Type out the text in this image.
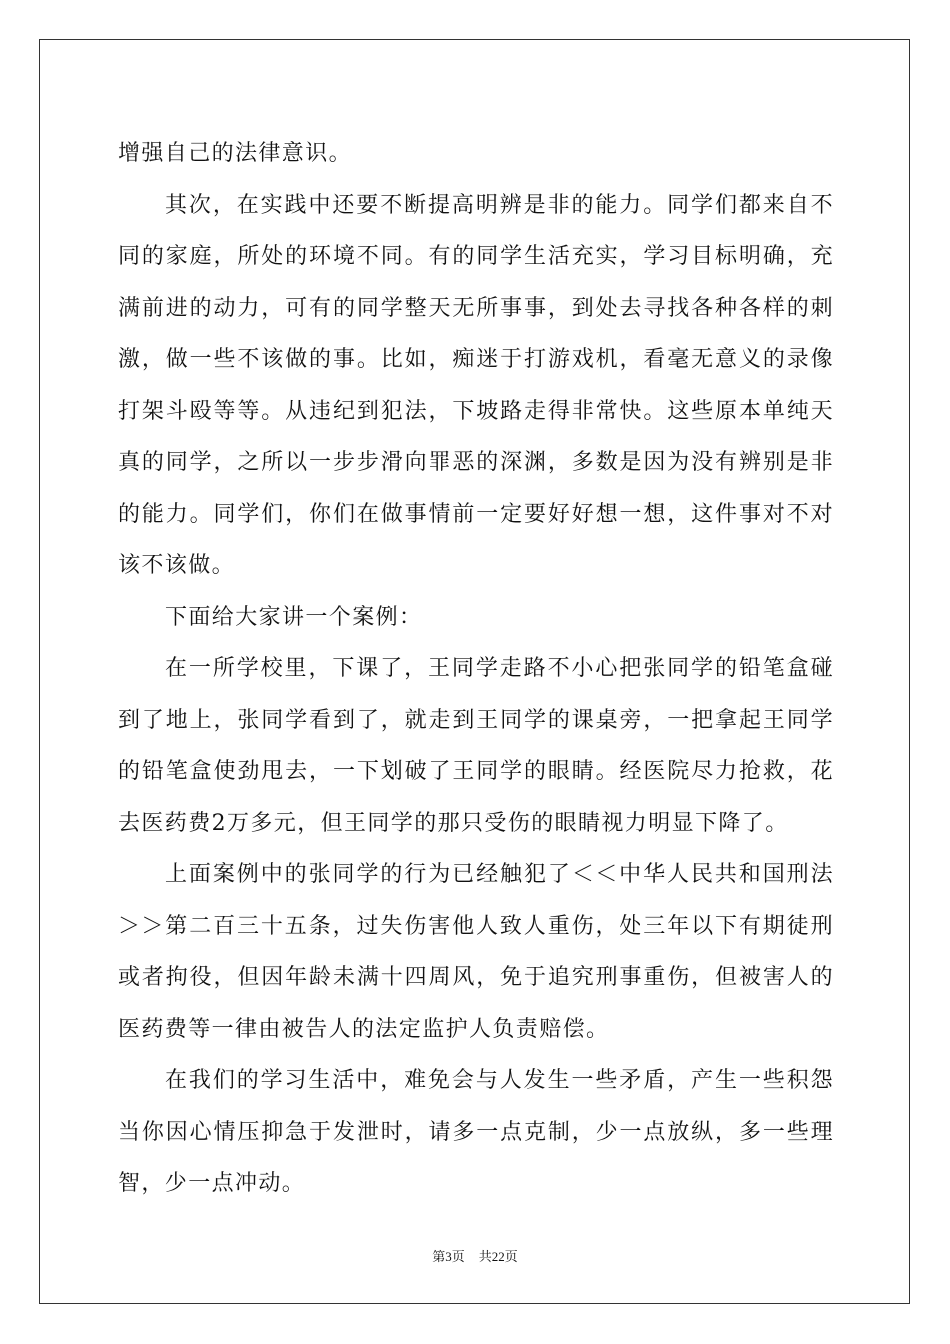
增强自己的法律意识。

其次，在实践中还要不断提高明辨是非的能力。同学们都来自不同的家庭，所处的环境不同。有的同学生活充实，学习目标明确，充满前进的动力，可有的同学整天无所事事，到处去寻找各种各样的刺激，做一些不该做的事。比如，痴迷于打游戏机，看毫无意义的录像打架斗殴等等。从违纪到犯法，下坡路走得非常快。这些原本单纯天真的同学，之所以一步步滑向罪恶的深渊，多数是因为没有辨别是非的能力。同学们，你们在做事情前一定要好好想一想，这件事对不对该不该做。

下面给大家讲一个案例：

在一所学校里，下课了，王同学走路不小心把张同学的铅笔盒碰到了地上，张同学看到了，就走到王同学的课桌旁，一把拿起王同学的铅笔盒使劲甩去，一下划破了王同学的眼睛。经医院尽力抢救，花去医药费2万多元，但王同学的那只受伤的眼睛视力明显下降了。

上面案例中的张同学的行为已经触犯了＜＜中华人民共和国刑法＞＞第二百三十五条，过失伤害他人致人重伤，处三年以下有期徒刑或者拘役，但因年龄未满十四周风，免于追究刑事重伤，但被害人的医药费等一律由被告人的法定监护人负责赔偿。

在我们的学习生活中，难免会与人发生一些矛盾，产生一些积怨当你因心情压抑急于发泄时，请多一点克制，少一点放纵，多一些理智，少一点冲动。

第3页 共22页
